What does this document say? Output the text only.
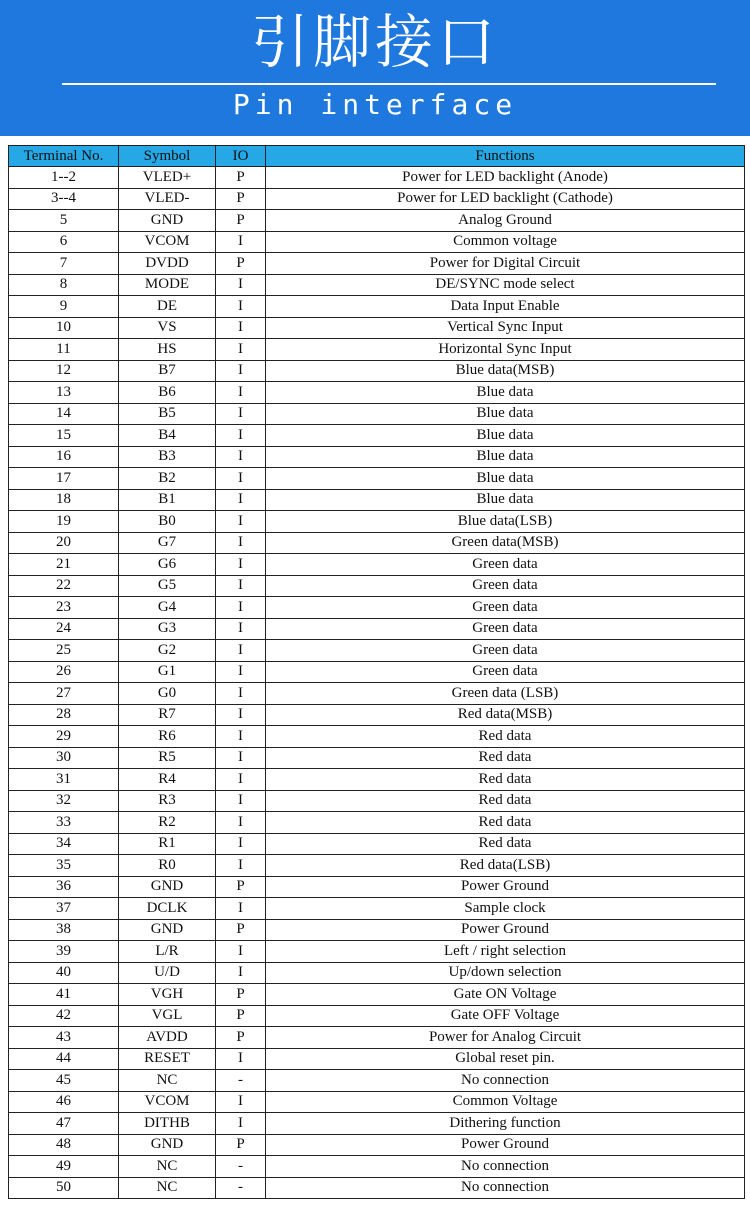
引脚接口
Pin interface
Terminal No.	Symbol	IO	Functions
1--2	VLED+	P	Power for LED backlight (Anode)
3--4	VLED-	P	Power for LED backlight (Cathode)
5	GND	P	Analog Ground
6	VCOM	I	Common voltage
7	DVDD	P	Power for Digital Circuit
8	MODE	I	DE/SYNC mode select
9	DE	I	Data Input Enable
10	VS	I	Vertical Sync Input
11	HS	I	Horizontal Sync Input
12	B7	I	Blue data(MSB)
13	B6	I	Blue data
14	B5	I	Blue data
15	B4	I	Blue data
16	B3	I	Blue data
17	B2	I	Blue data
18	B1	I	Blue data
19	B0	I	Blue data(LSB)
20	G7	I	Green data(MSB)
21	G6	I	Green data
22	G5	I	Green data
23	G4	I	Green data
24	G3	I	Green data
25	G2	I	Green data
26	G1	I	Green data
27	G0	I	Green data (LSB)
28	R7	I	Red data(MSB)
29	R6	I	Red data
30	R5	I	Red data
31	R4	I	Red data
32	R3	I	Red data
33	R2	I	Red data
34	R1	I	Red data
35	R0	I	Red data(LSB)
36	GND	P	Power Ground
37	DCLK	I	Sample clock
38	GND	P	Power Ground
39	L/R	I	Left / right selection
40	U/D	I	Up/down selection
41	VGH	P	Gate ON Voltage
42	VGL	P	Gate OFF Voltage
43	AVDD	P	Power for Analog Circuit
44	RESET	I	Global reset pin.
45	NC	-	No connection
46	VCOM	I	Common Voltage
47	DITHB	I	Dithering function
48	GND	P	Power Ground
49	NC	-	No connection
50	NC	-	No connection
